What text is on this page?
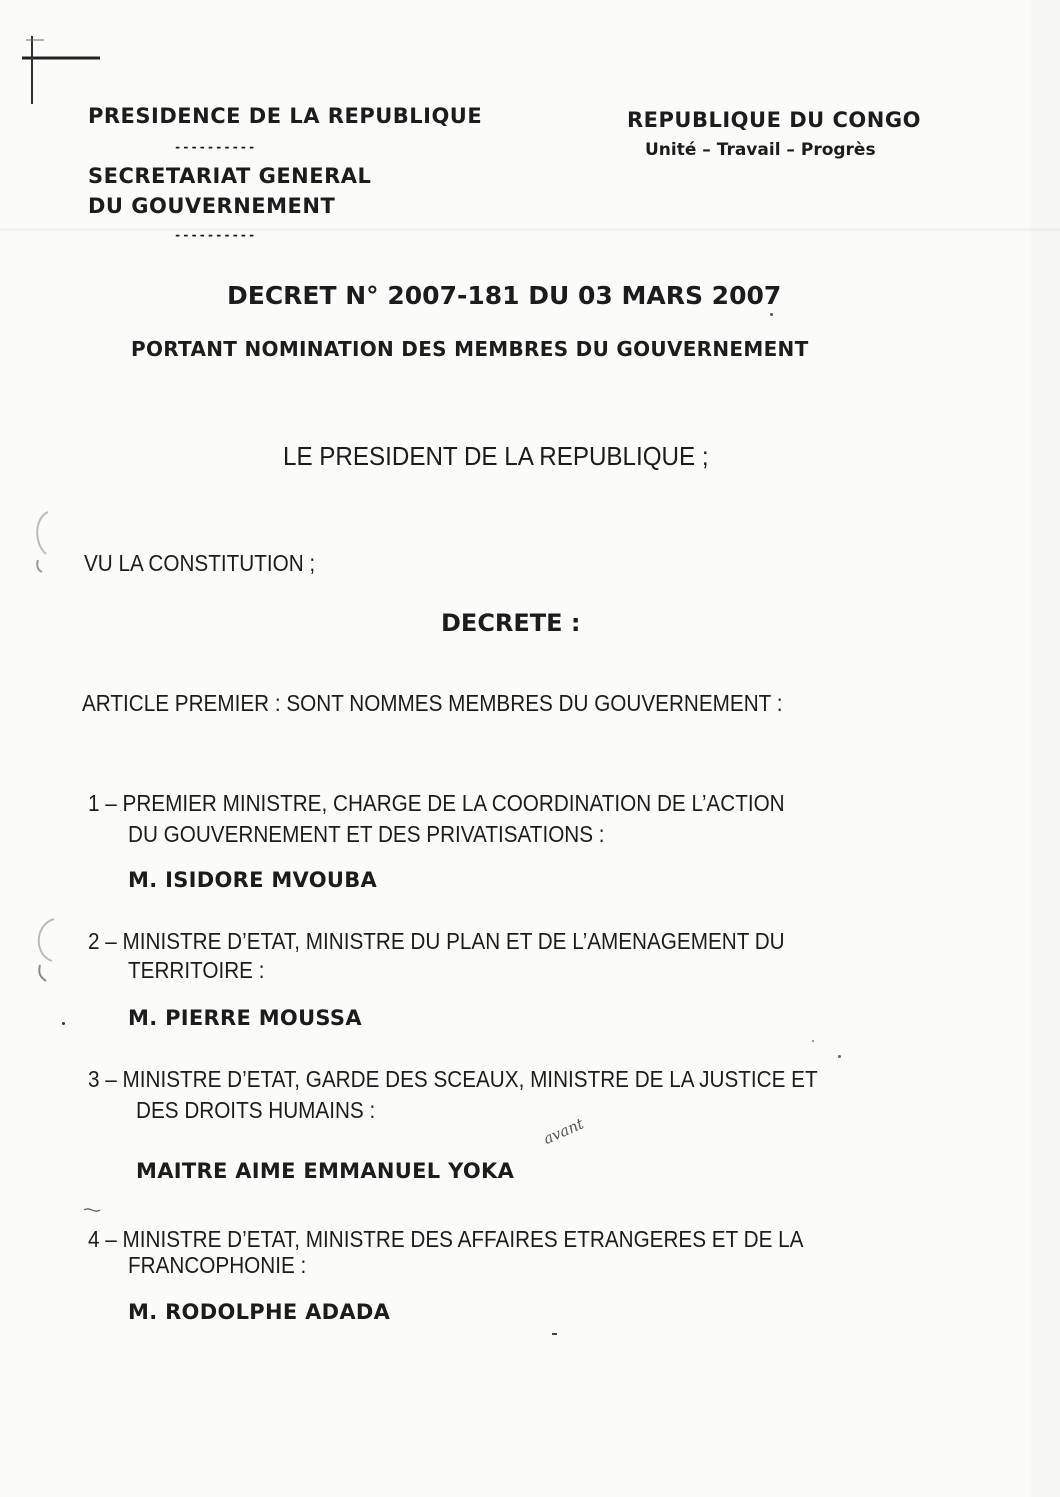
PRESIDENCE DE LA REPUBLIQUE
----------
SECRETARIAT GENERAL
DU GOUVERNEMENT
----------
REPUBLIQUE DU CONGO
Unité – Travail – Progrès
DECRET N° 2007-181 DU 03 MARS 2007
PORTANT NOMINATION DES MEMBRES DU GOUVERNEMENT
LE PRESIDENT DE LA REPUBLIQUE ;
VU LA CONSTITUTION ;
DECRETE :
ARTICLE PREMIER : SONT NOMMES MEMBRES DU GOUVERNEMENT :
1 – PREMIER MINISTRE, CHARGE DE LA COORDINATION DE L’ACTION
DU GOUVERNEMENT ET DES PRIVATISATIONS :
M. ISIDORE MVOUBA
2 – MINISTRE D’ETAT, MINISTRE DU PLAN ET DE L’AMENAGEMENT DU
TERRITOIRE :
M. PIERRE MOUSSA
3 – MINISTRE D’ETAT, GARDE DES SCEAUX, MINISTRE DE LA JUSTICE ET
DES DROITS HUMAINS :
MAITRE AIME EMMANUEL YOKA
avant
4 – MINISTRE D’ETAT, MINISTRE DES AFFAIRES ETRANGERES ET DE LA
FRANCOPHONIE :
M. RODOLPHE ADADA
